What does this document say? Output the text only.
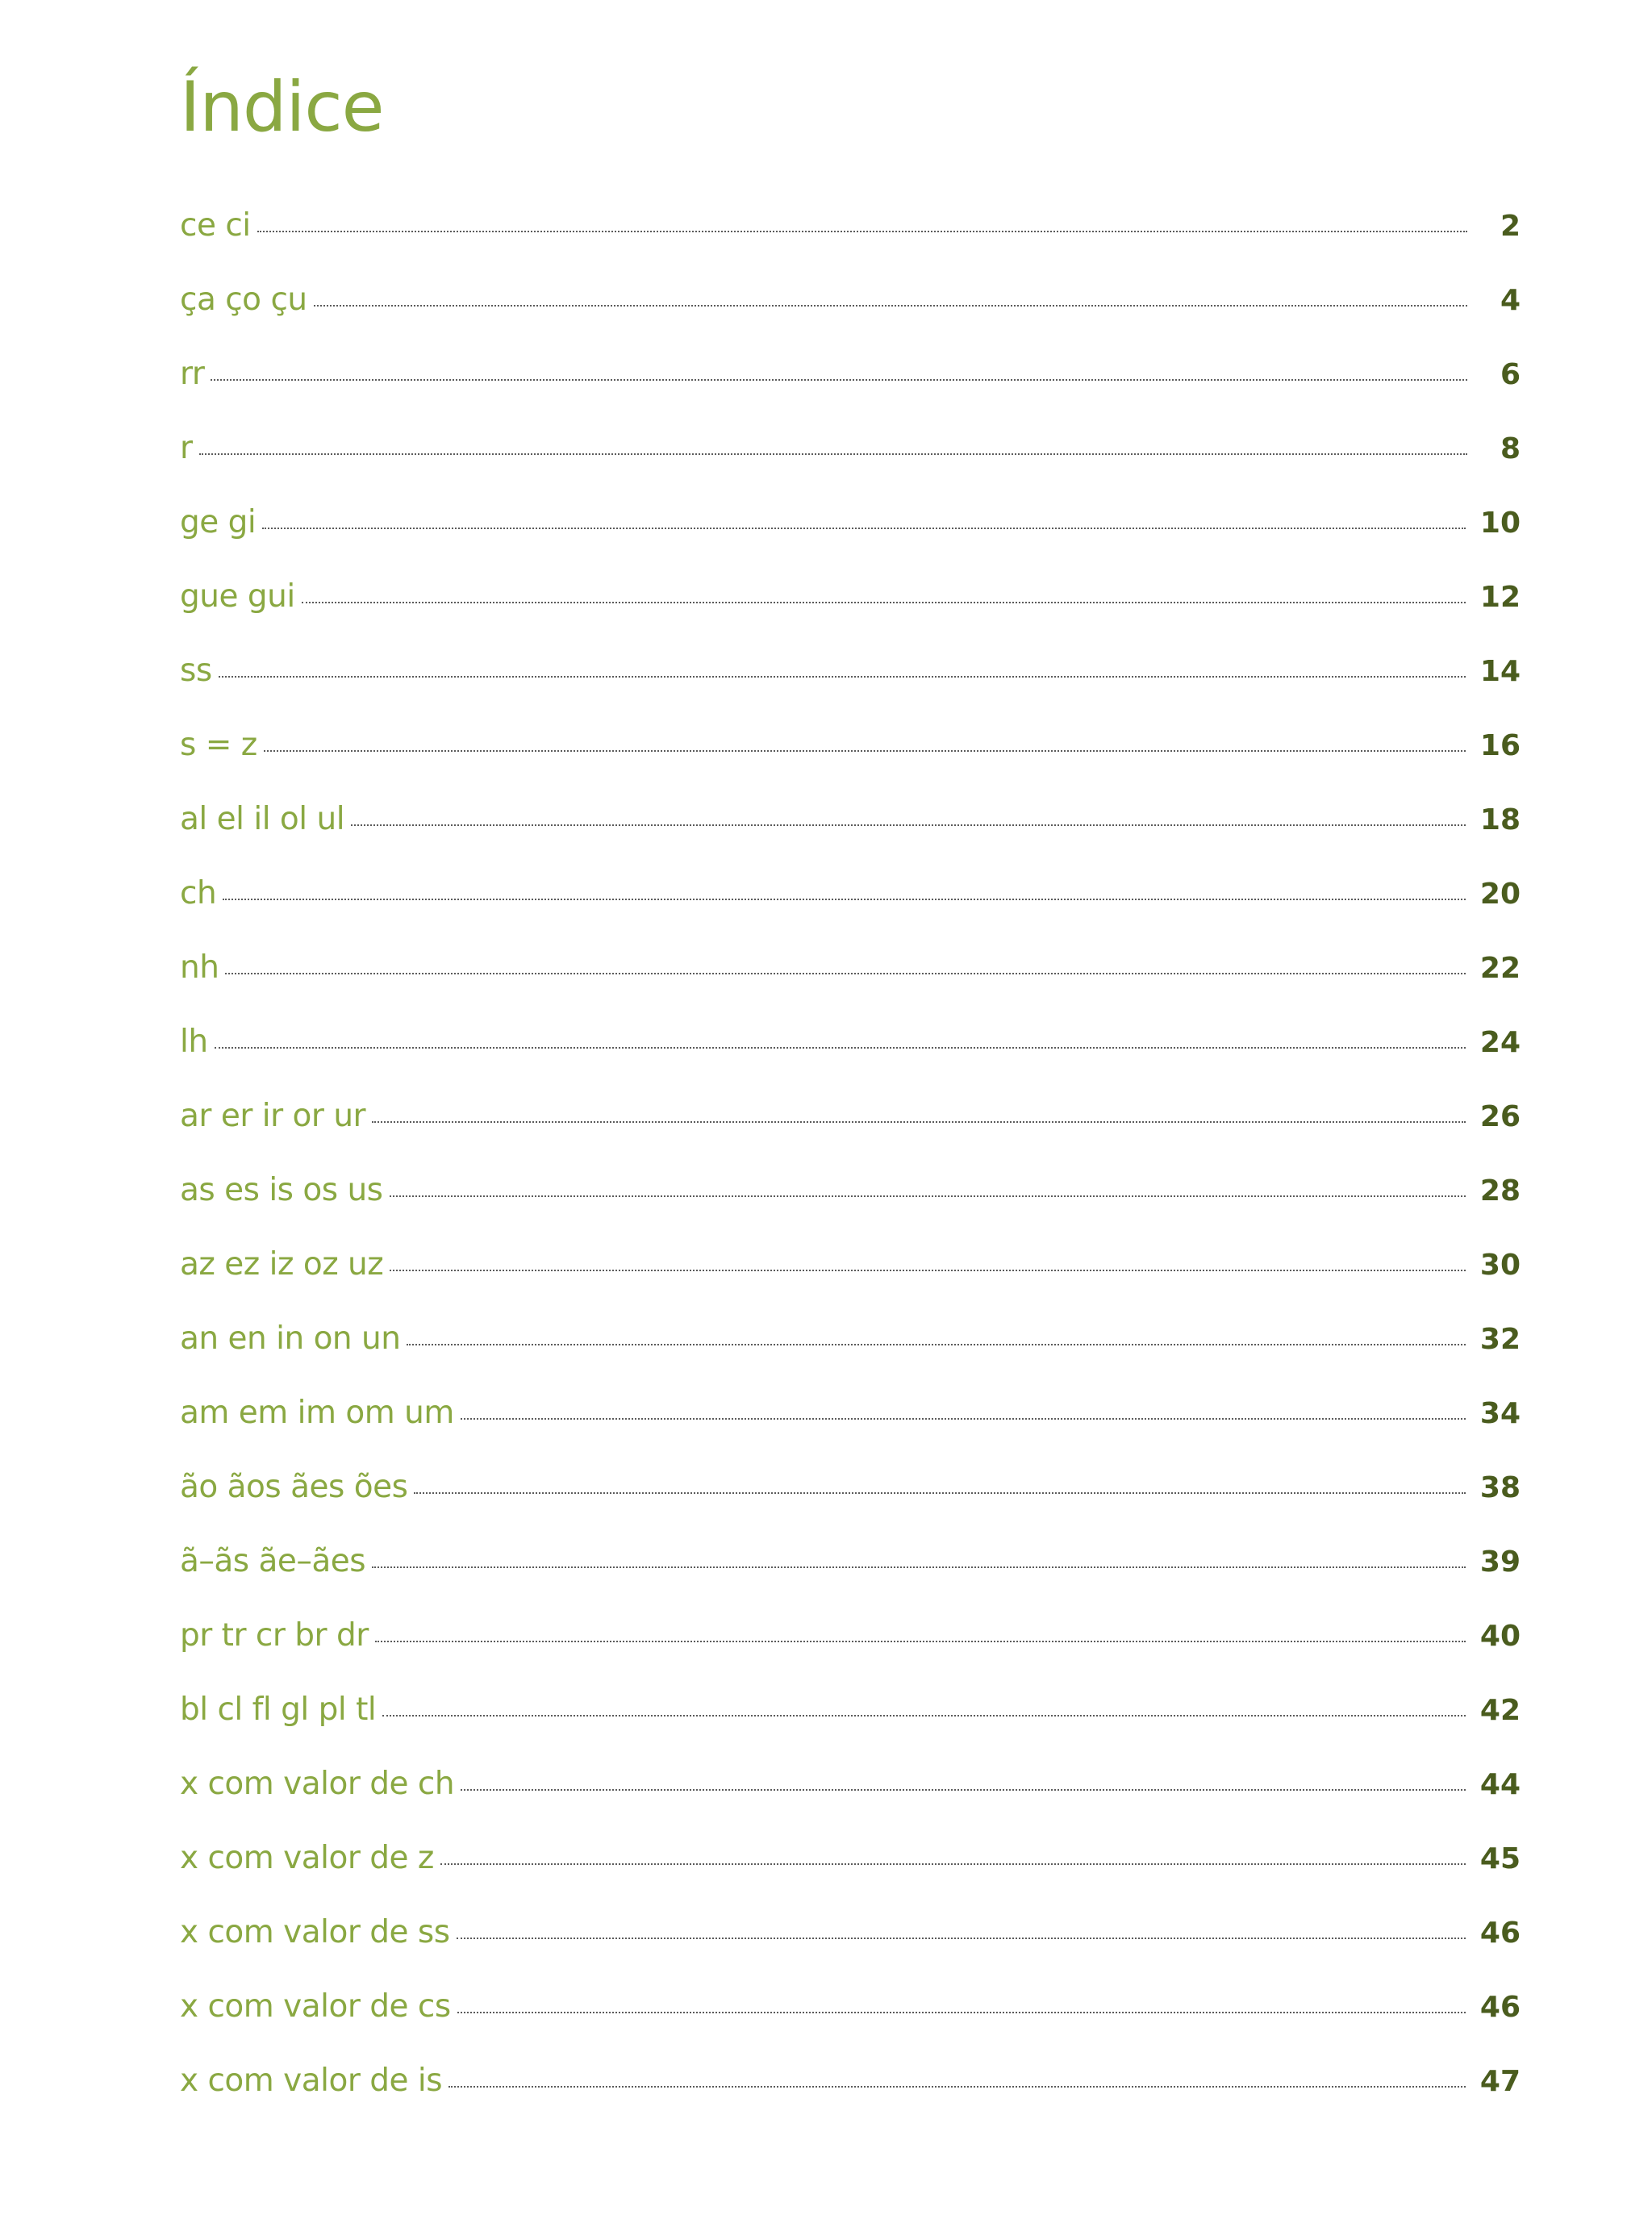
Índice
ce ci	2
ça ço çu	4
rr	6
r	8
ge gi	10
gue gui	12
ss	14
s = z	16
al el il ol ul	18
ch	20
nh	22
lh	24
ar er ir or ur	26
as es is os us	28
az ez iz oz uz	30
an en in on un	32
am em im om um	34
ão ãos ães ões	38
ã–ãs ãe–ães	39
pr tr cr br dr	40
bl cl fl gl pl tl	42
x com valor de ch	44
x com valor de z	45
x com valor de ss	46
x com valor de cs	46
x com valor de is	47
